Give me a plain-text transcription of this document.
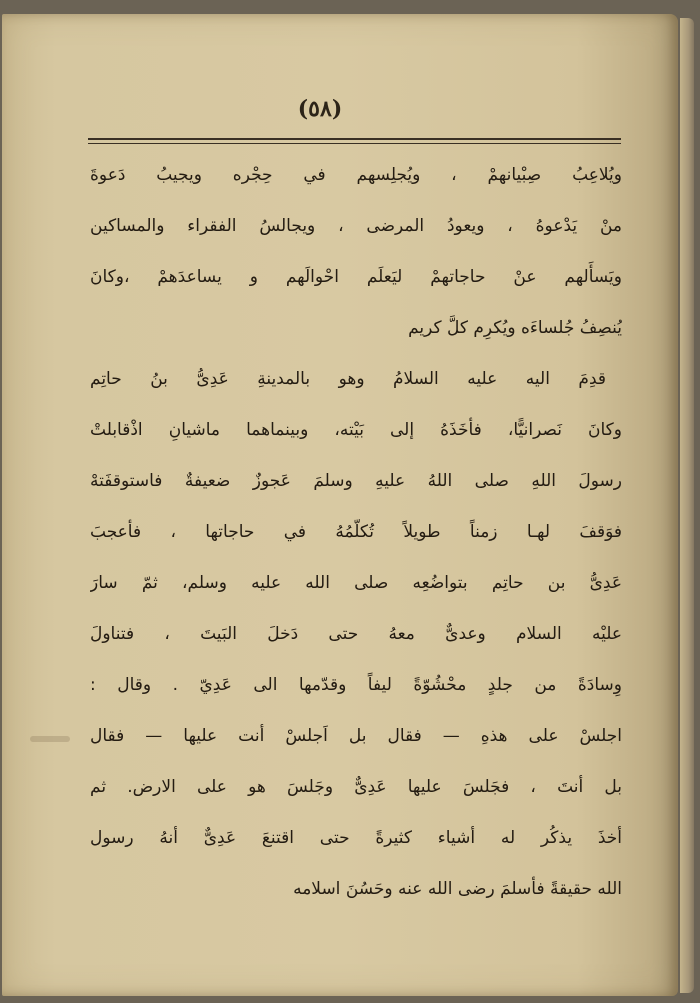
(٥٨)
ويُلاعِبُ صِبْيانهمْ ، ويُجلِسهم في حِجْره ويجيبُ دَعوةَ
منْ يَدْعوهُ ، ويعودُ المرضى ، ويجالسُ الفقراء والمساكين
ويَسأَلهم عنْ حاجاتهمْ ليَعلَم احْوالَهم و يساعدَهمْ ،وكانَ
يُنصِفُ جُلساءَه ويُكرِم كلَّ كريم
قدِمَ اليه عليه السلامُ وهو بالمدينةِ عَدِىُّ بنُ حاتِم
وكانَ نَصرانيًّا، فأخَذَهُ إلى بَيْته، وبينماهما ماشيانِ اذْقابلتْ
رسولَ اللهِ صلى اللهُ عليهِ وسلمَ عَجوزٌ ضعيفةٌ فاستوقفَتهْ
فوَقفَ لهـا زمناً طويلاً تُكلّمُهُ في حاجاتها ، فأعجبَ
عَدِىُّ بن حاتِم بتواضُعِه صلى الله عليه وسلم، ثمّ سارَ
عليْه السلام وعدىٌّ معهُ حتى دَخلَ البَيتَ ، فتناولَ
وِسادَةً من جلدٍ محْشُوّةً ليفاً وقدّمها الى عَدِيّ . وقال :
اجلسْ على هذهِ — فقال بل اَجلسْ أنت عليها — فقال
بل أنتَ ، فجَلسَ عليها عَدِىٌّ وجَلسَ هو على الارض. ثم
أخذَ يذكُر له أشياء كثيرةً حتى اقتنعَ عَدِىٌّ أنهُ رسول
الله حقيقةً فأسلمَ رضى الله عنه وحَسُنَ اسلامه
